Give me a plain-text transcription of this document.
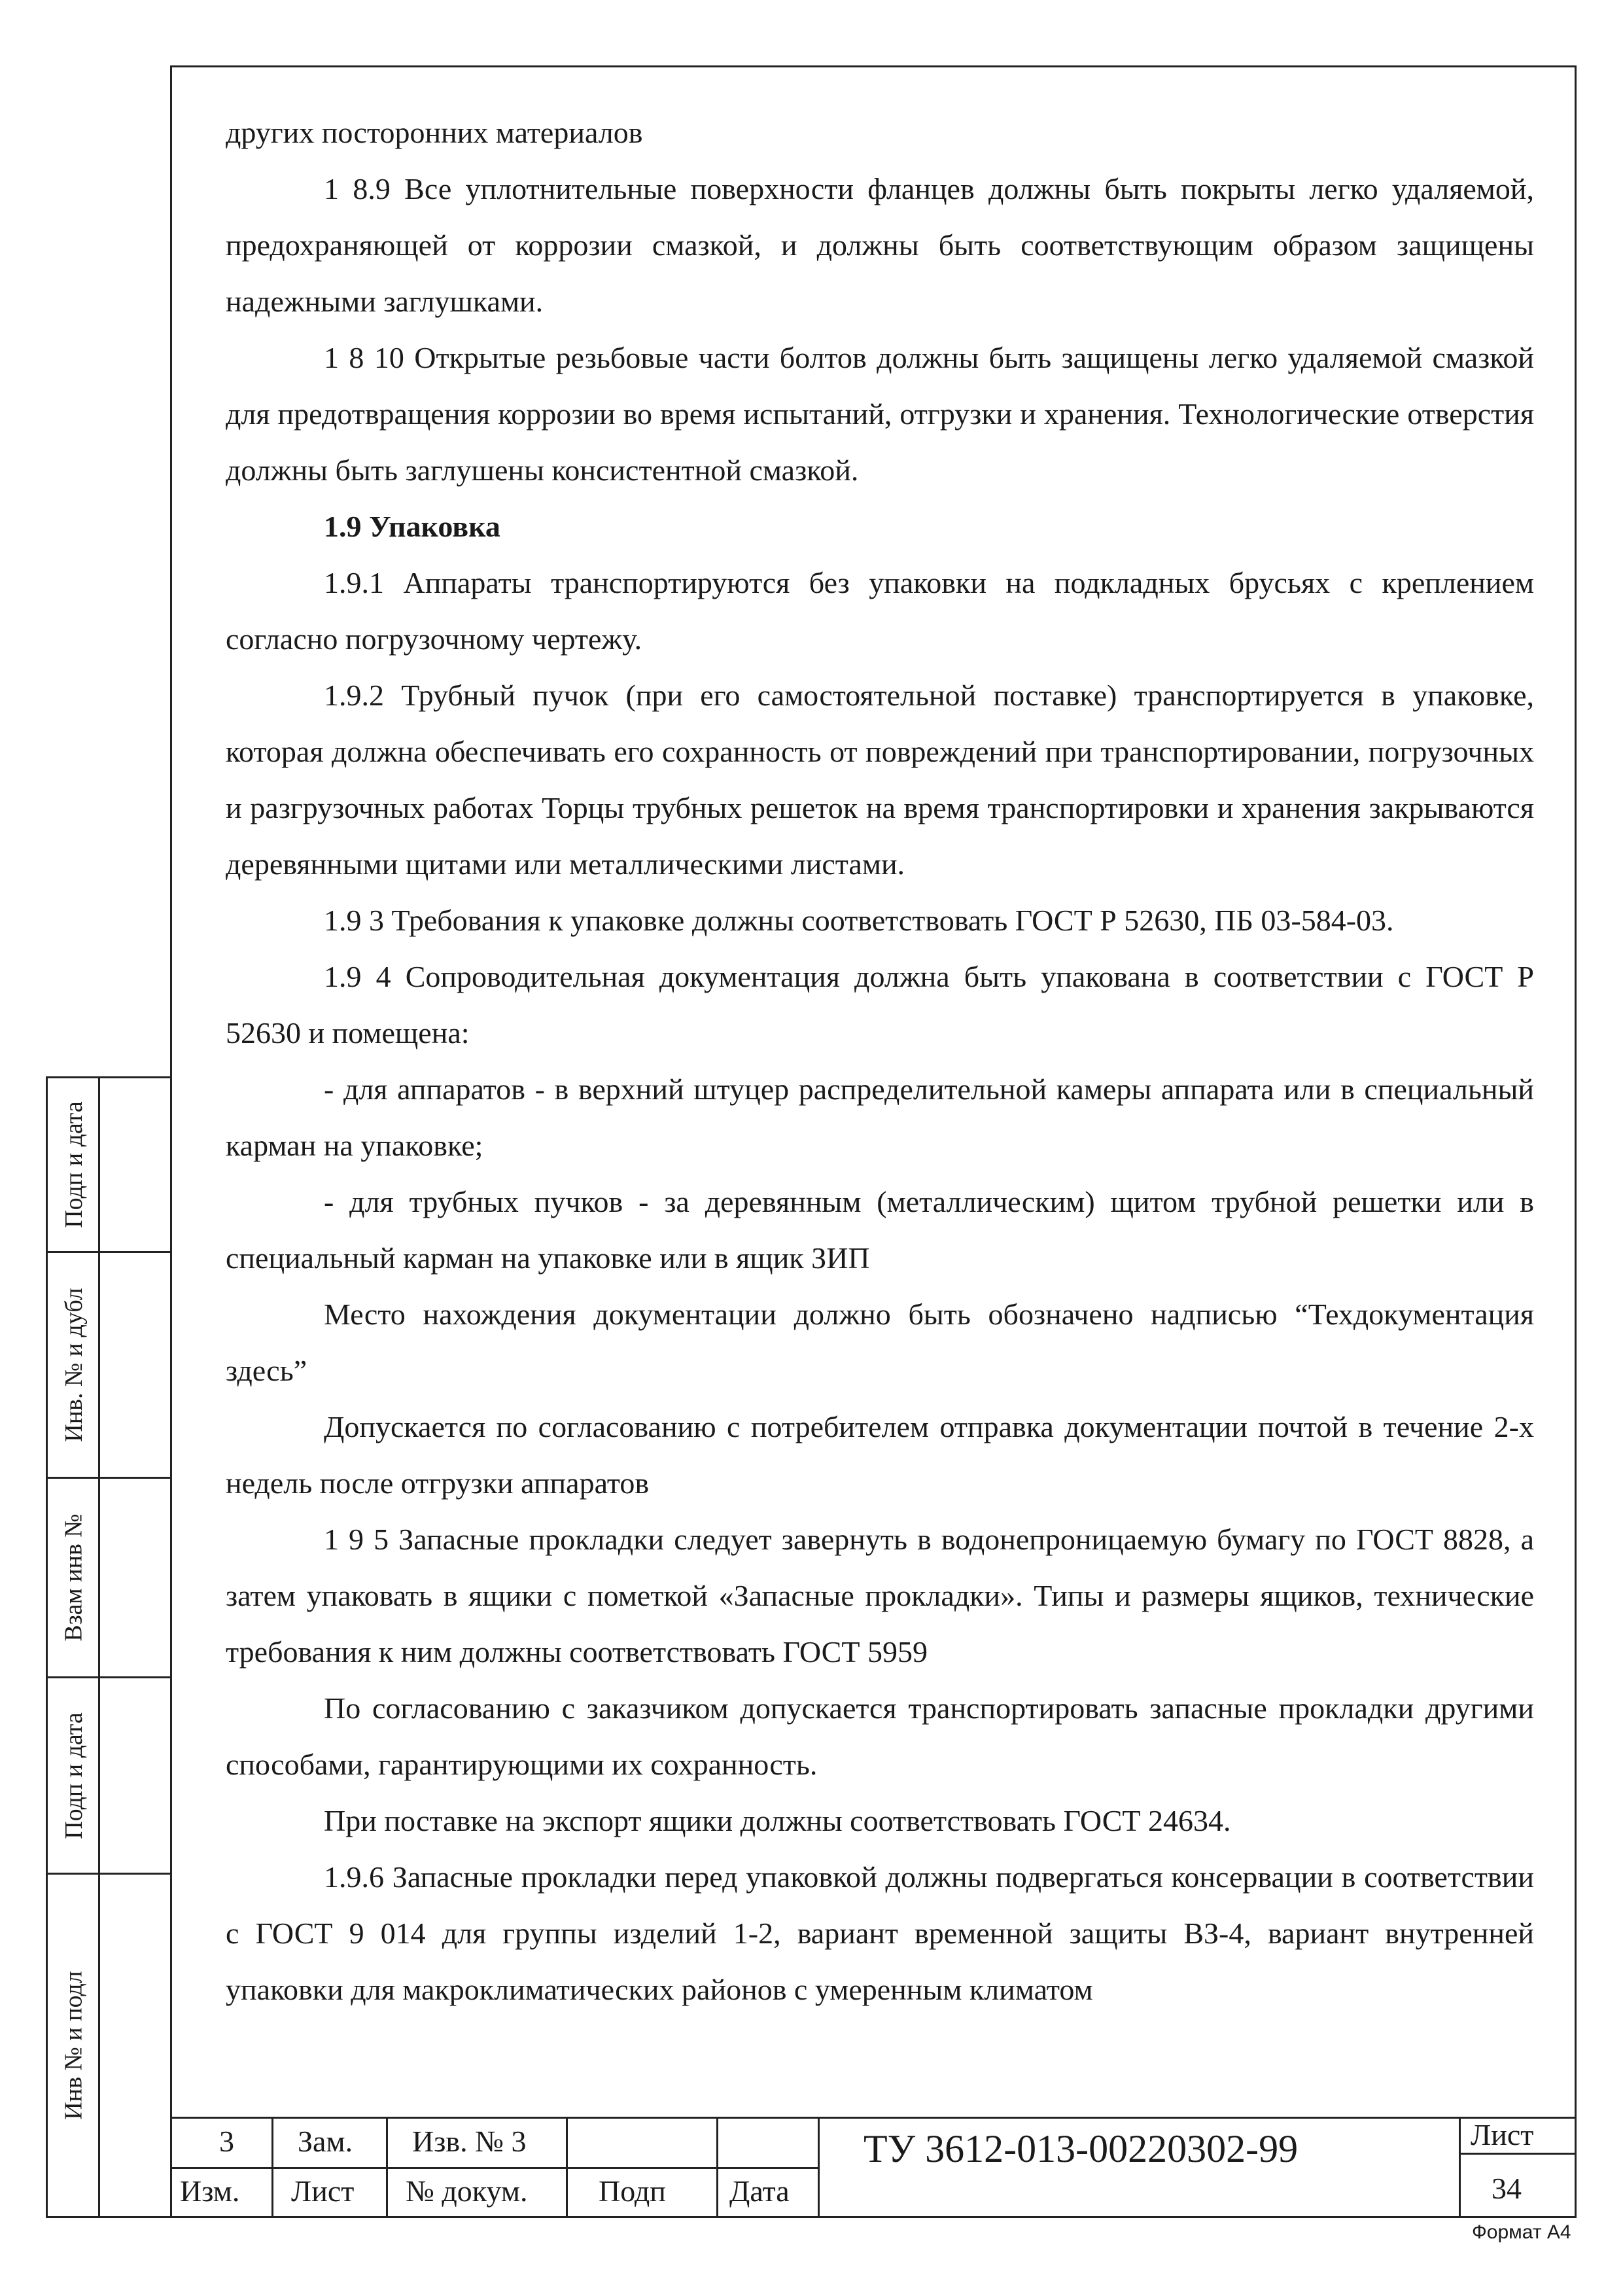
других посторонних материалов

1 8.9 Все уплотнительные поверхности фланцев должны быть покрыты легко удаляемой, предохраняющей от коррозии смазкой, и должны быть соответствующим образом защищены надежными заглушками.

1 8 10 Открытые резьбовые части болтов должны быть защищены легко удаляемой смазкой для предотвращения коррозии во время испытаний, отгрузки и хранения. Технологические отверстия должны быть заглушены консистентной смазкой.

1.9 Упаковка

1.9.1 Аппараты транспортируются без упаковки на подкладных брусьях с креплением согласно погрузочному чертежу.

1.9.2 Трубный пучок (при его самостоятельной поставке) транспортируется в упаковке, которая должна обеспечивать его сохранность от повреждений при транспортировании, погрузочных и разгрузочных работах Торцы трубных решеток на время транспортировки и хранения закрываются деревянными щитами или металлическими листами.

1.9 3 Требования к упаковке должны соответствовать ГОСТ Р 52630, ПБ 03-584-03.

1.9 4 Сопроводительная документация должна быть упакована в соответствии с ГОСТ Р 52630 и помещена:

- для аппаратов - в верхний штуцер распределительной камеры аппарата или в специальный карман на упаковке;

- для трубных пучков - за деревянным (металлическим) щитом трубной решетки или в специальный карман на упаковке или в ящик ЗИП

Место нахождения документации должно быть обозначено надписью “Техдокументация здесь”

Допускается по согласованию с потребителем отправка документации почтой в течение 2-х недель после отгрузки аппаратов

1 9 5 Запасные прокладки следует завернуть в водонепроницаемую бумагу по ГОСТ 8828, а затем упаковать в ящики с пометкой «Запасные прокладки». Типы и размеры ящиков, технические требования к ним должны соответствовать ГОСТ 5959

По согласованию с заказчиком допускается транспортировать запасные прокладки другими способами, гарантирующими их сохранность.

При поставке на экспорт ящики должны соответствовать ГОСТ 24634.

1.9.6 Запасные прокладки перед упаковкой должны подвергаться консервации в соответствии с ГОСТ 9 014 для группы изделий 1-2, вариант временной защиты ВЗ-4, вариант внутренней упаковки для макроклиматических районов с умеренным климатом

Подп и дата
Инв. № и дубл
Взам инв №
Подп и дата
Инв № и подл
3 Зам. Изв. № 3
Изм. Лист № докум. Подп Дата
ТУ 3612-013-00220302-99	Лист
34
Формат А4
